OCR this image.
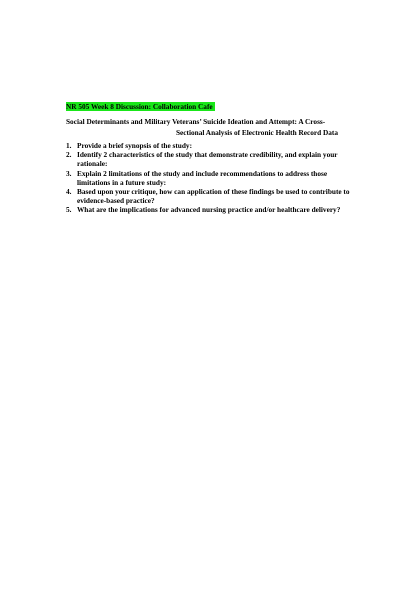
NR 505 Week 8 Discussion: Collaboration Cafe
Social Determinants and Military Veterans’ Suicide Ideation and Attempt: A Cross-
Sectional Analysis of Electronic Health Record Data
1. Provide a brief synopsis of the study:
2. Identify 2 characteristics of the study that demonstrate credibility, and explain your rationale:
3. Explain 2 limitations of the study and include recommendations to address those limitations in a future study:
4. Based upon your critique, how can application of these findings be used to contribute to evidence-based practice?
5. What are the implications for advanced nursing practice and/or healthcare delivery?
